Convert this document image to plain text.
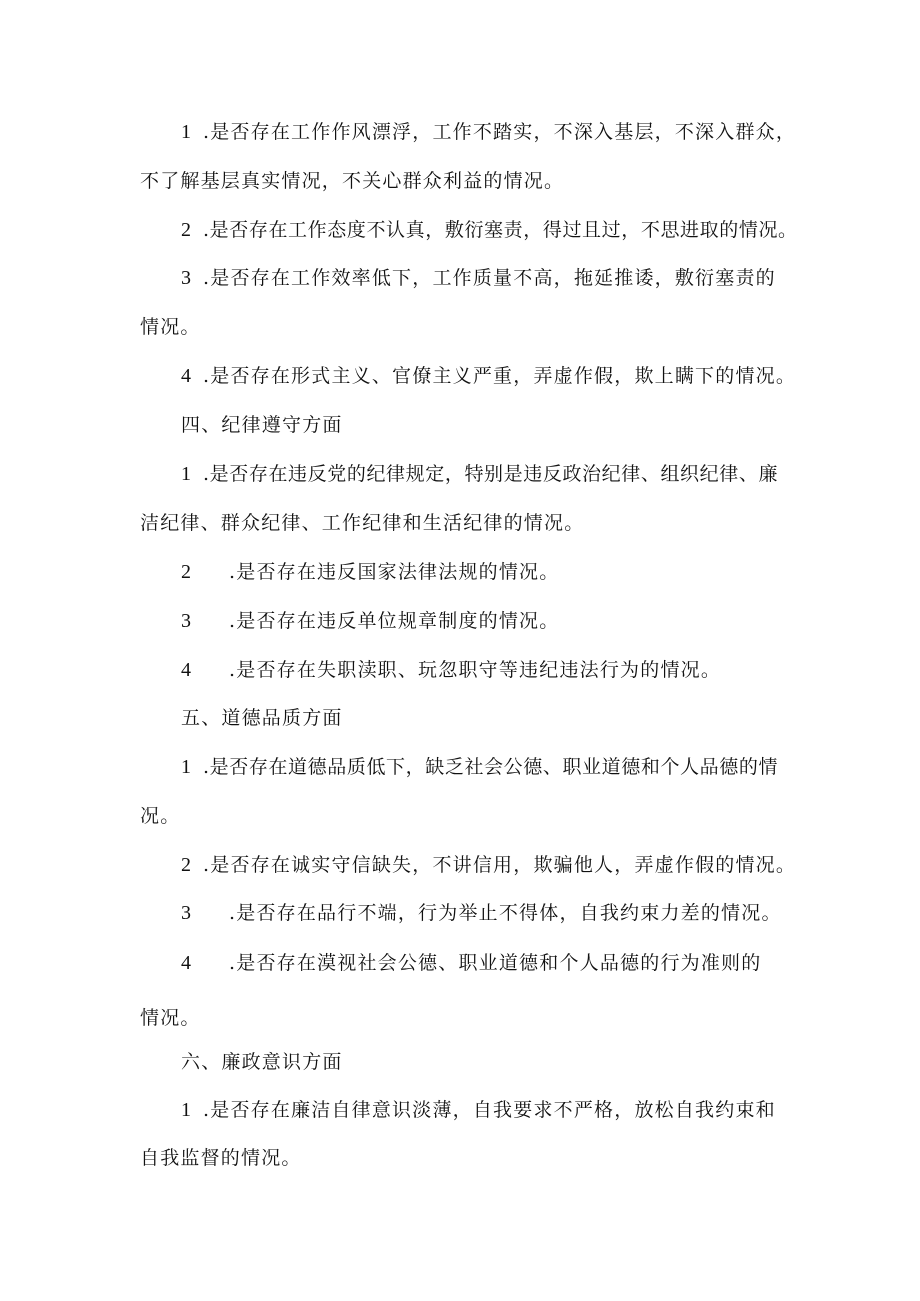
1 .是否存在工作作风漂浮，工作不踏实，不深入基层，不深入群众，
不了解基层真实情况，不关心群众利益的情况。
2 .是否存在工作态度不认真，敷衍塞责，得过且过，不思进取的情况。
3 .是否存在工作效率低下，工作质量不高，拖延推诿，敷衍塞责的
情况。
4 .是否存在形式主义、官僚主义严重，弄虚作假，欺上瞒下的情况。
四、纪律遵守方面
1 .是否存在违反党的纪律规定，特别是违反政治纪律、组织纪律、廉
洁纪律、群众纪律、工作纪律和生活纪律的情况。
2 .是否存在违反国家法律法规的情况。
3 .是否存在违反单位规章制度的情况。
4 .是否存在失职渎职、玩忽职守等违纪违法行为的情况。
五、道德品质方面
1 .是否存在道德品质低下，缺乏社会公德、职业道德和个人品德的情
况。
2 .是否存在诚实守信缺失，不讲信用，欺骗他人，弄虚作假的情况。
3 .是否存在品行不端，行为举止不得体，自我约束力差的情况。
4 .是否存在漠视社会公德、职业道德和个人品德的行为准则的
情况。
六、廉政意识方面
1 .是否存在廉洁自律意识淡薄，自我要求不严格，放松自我约束和
自我监督的情况。
